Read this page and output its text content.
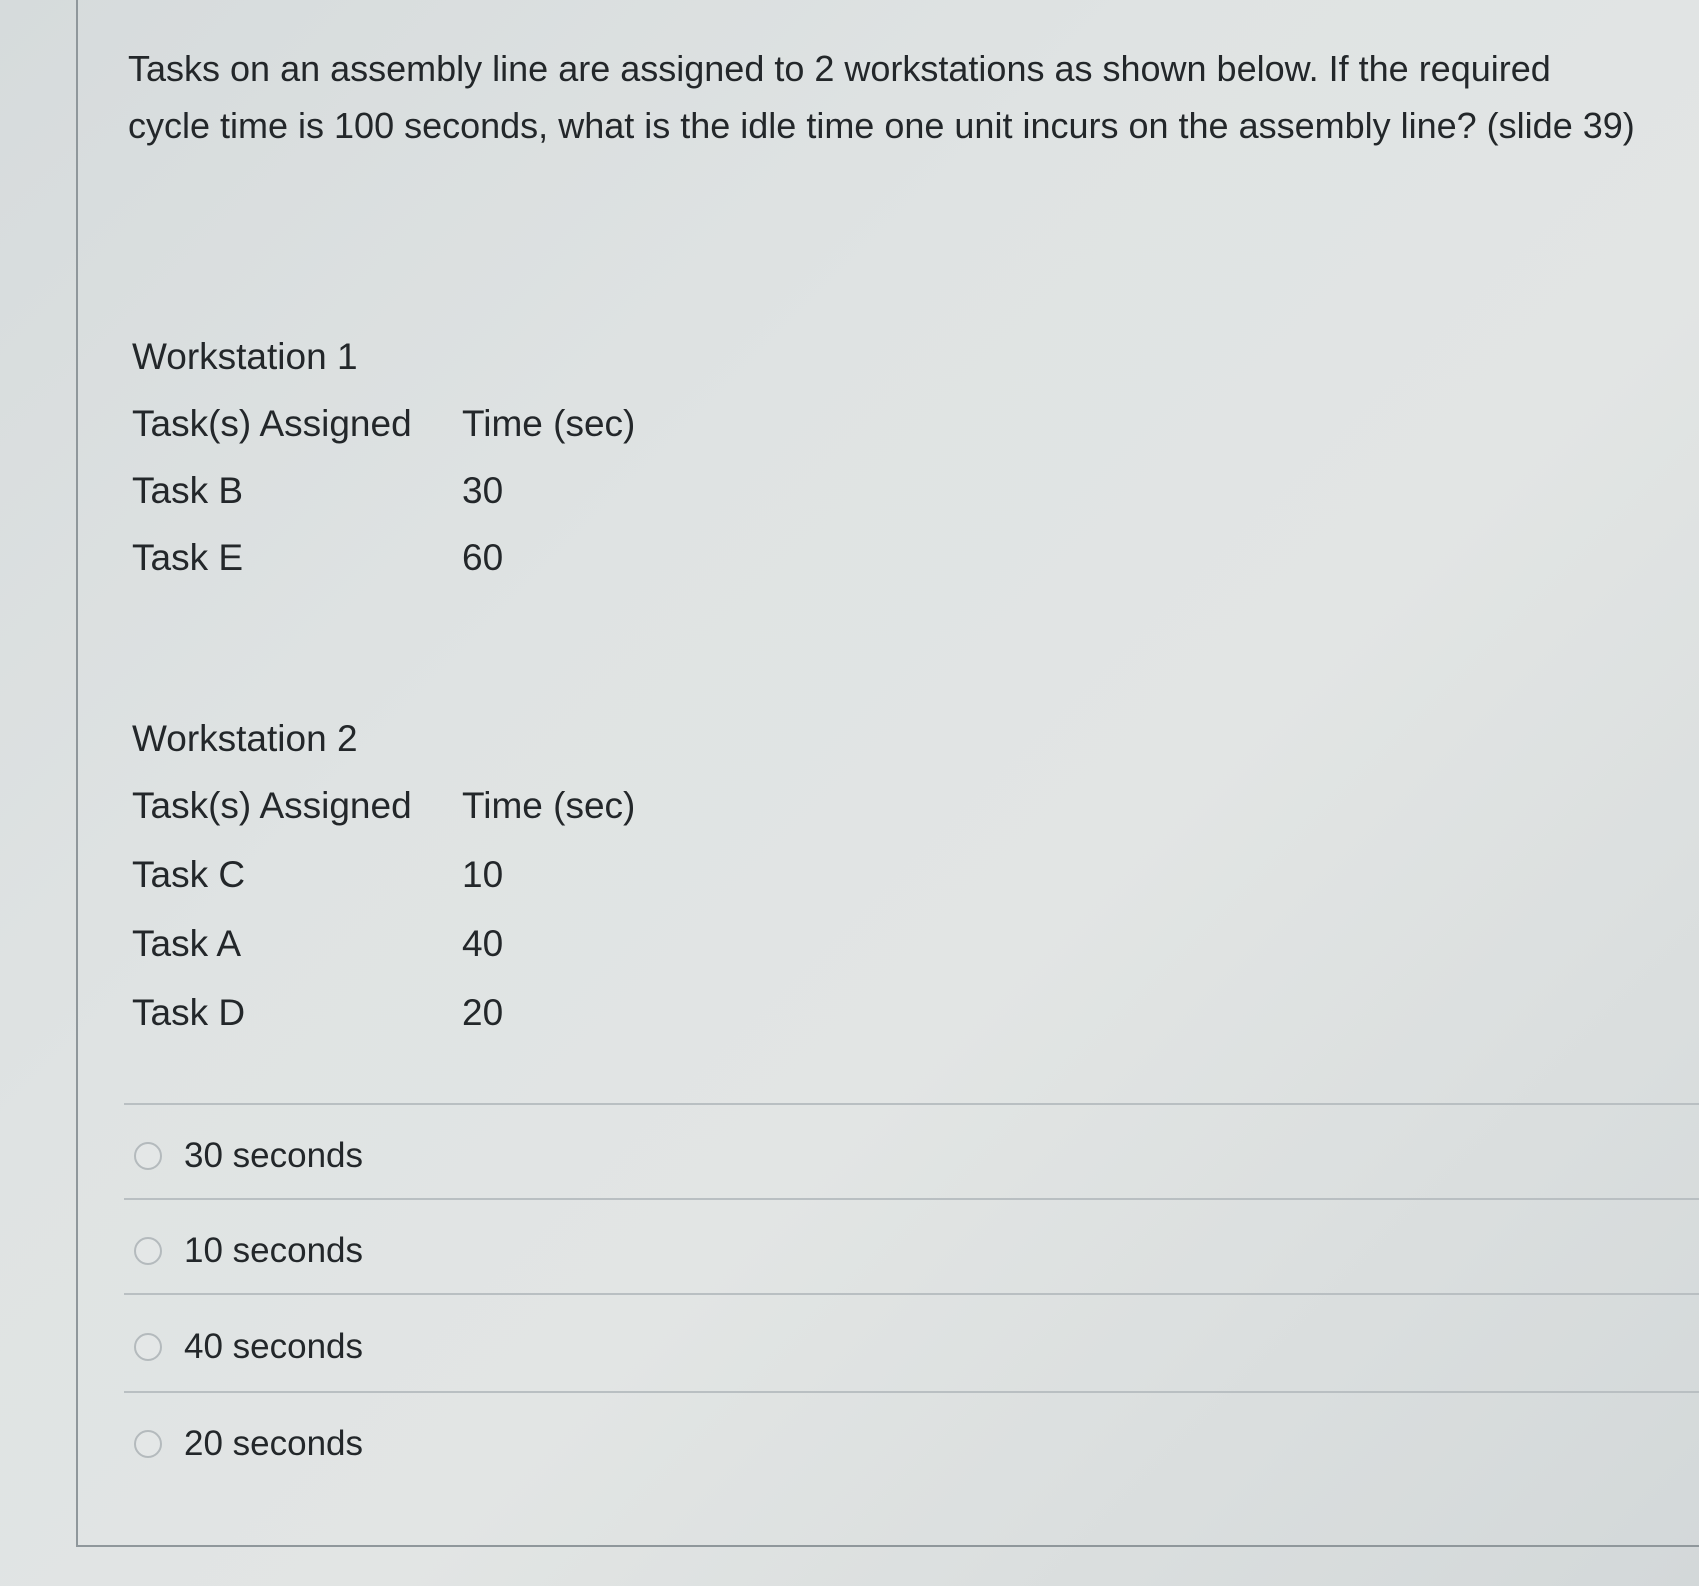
Tasks on an assembly line are assigned to 2 workstations as shown below. If the required cycle time is 100 seconds, what is the idle time one unit incurs on the assembly line? (slide 39)
Workstation 1
Task(s) Assigned Time (sec)
Task B	30
Task E	60
Workstation 2
Task(s) Assigned Time (sec)
Task C	10
Task A	40
Task D	20
30 seconds
10 seconds
40 seconds
20 seconds
